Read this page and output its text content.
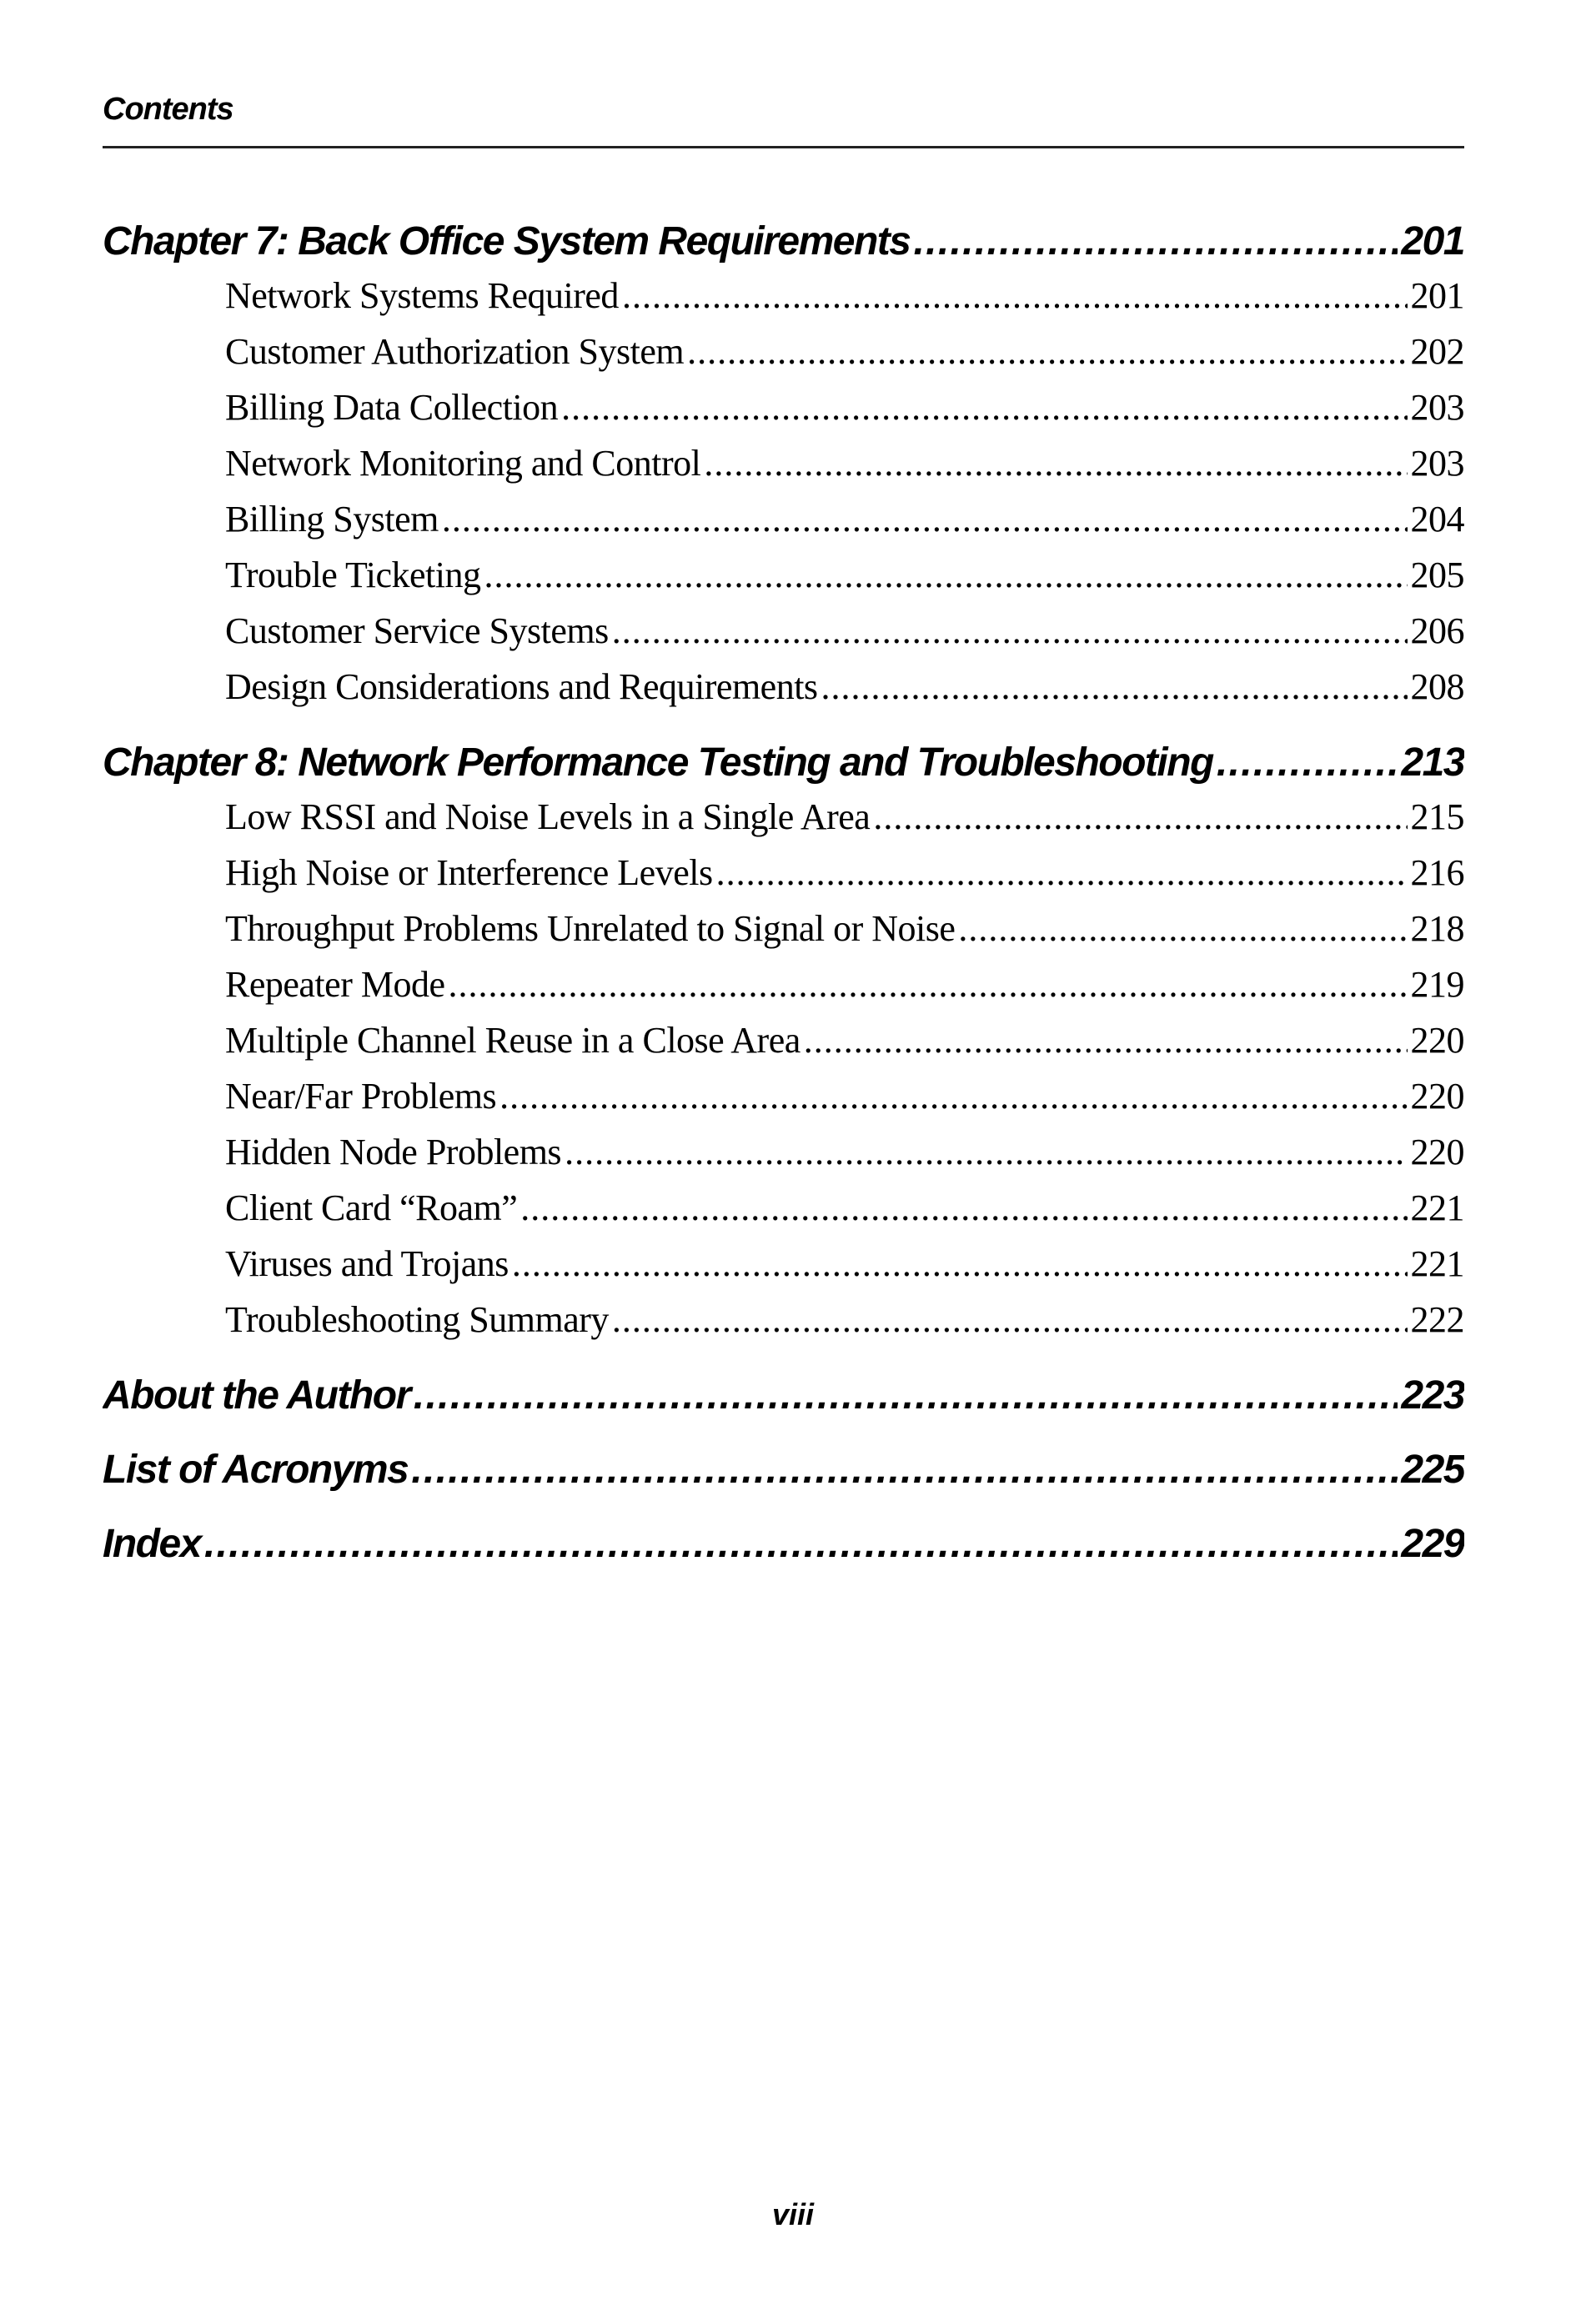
Contents
Chapter 7: Back Office System Requirements . . .	201
Network Systems Required . . .	201
Customer Authorization System . . .	202
Billing Data Collection . . .	203
Network Monitoring and Control . . .	203
Billing System . . .	204
Trouble Ticketing . . .	205
Customer Service Systems . . .	206
Design Considerations and Requirements . . .	208
Chapter 8: Network Performance Testing and Troubleshooting . . .	213
Low RSSI and Noise Levels in a Single Area . . .	215
High Noise or Interference Levels . . .	216
Throughput Problems Unrelated to Signal or Noise . . .	218
Repeater Mode . . .	219
Multiple Channel Reuse in a Close Area . . .	220
Near/Far Problems . . .	220
Hidden Node Problems . . .	220
Client Card “Roam” . . .	221
Viruses and Trojans . . .	221
Troubleshooting Summary . . .	222
About the Author . . .	223
List of Acronyms . . .	225
Index . . .	229
viii
